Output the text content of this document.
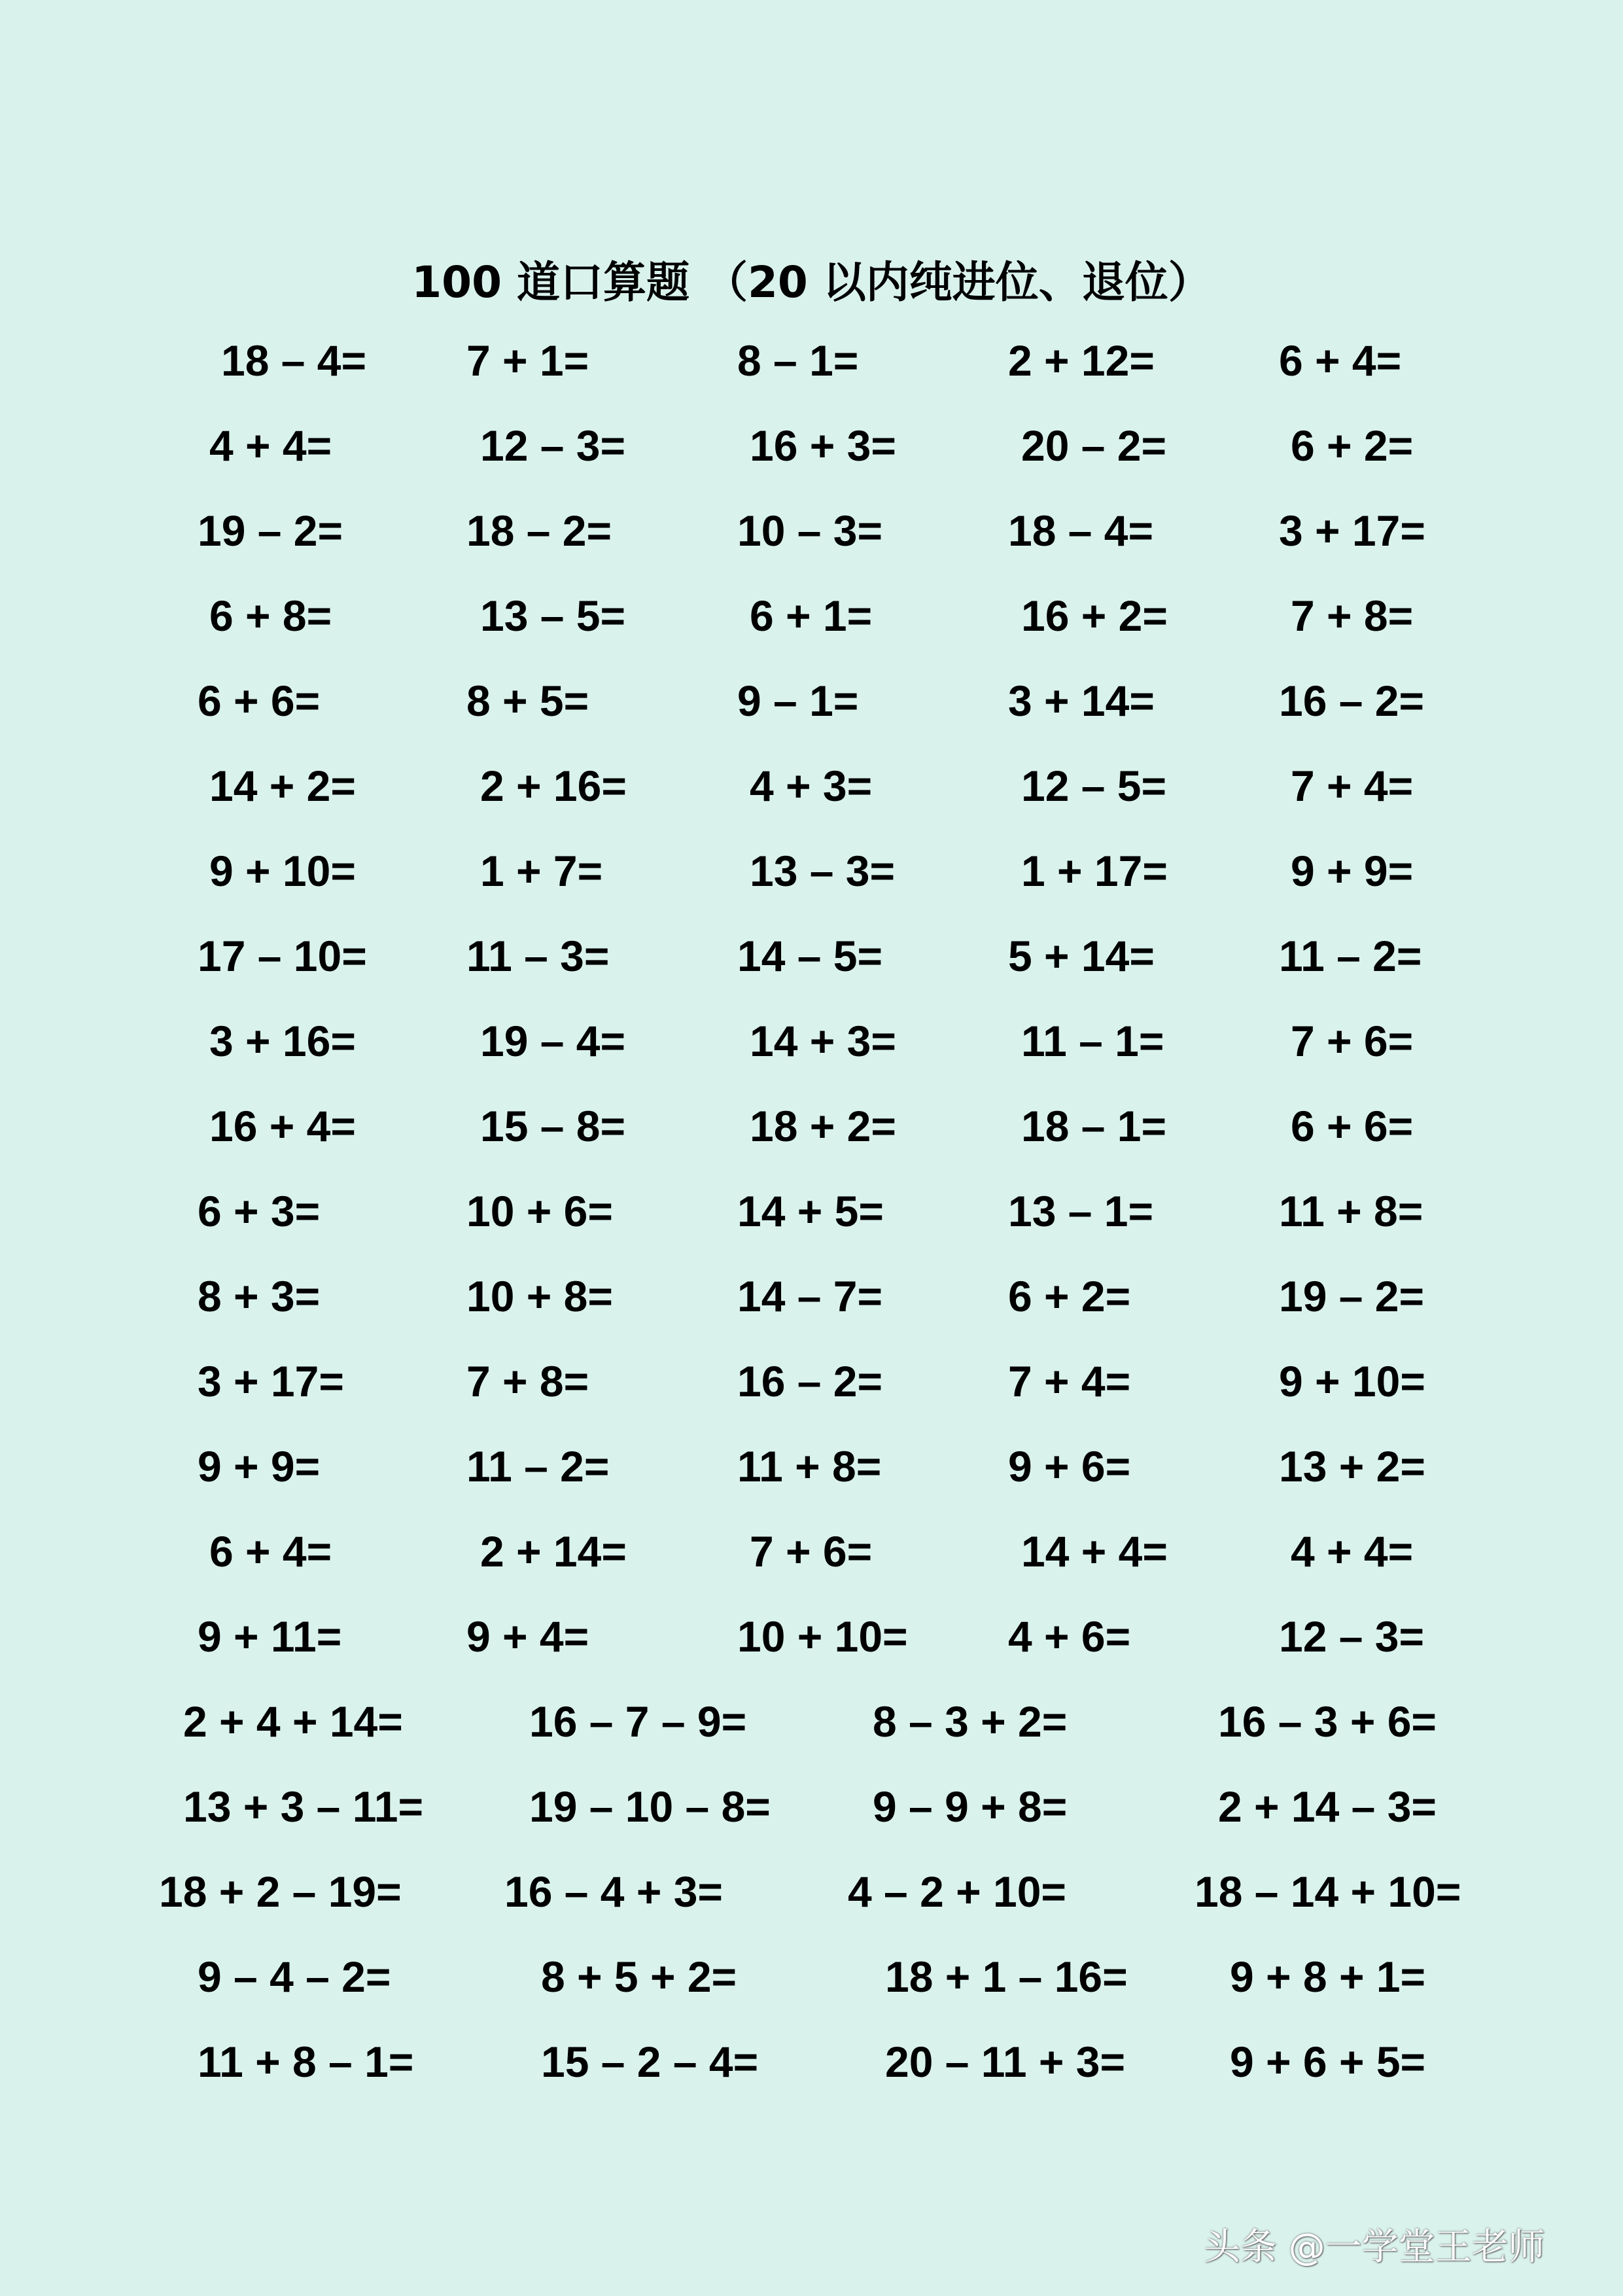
100 道口算题 （20 以内纯进位、退位）
18 – 4= 7 + 1=	8 – 1=	2 + 12=	6 + 4=
4 + 4=	12 – 3=	16 + 3=	20 – 2=	6 + 2=
19 – 2=	18 – 2=	10 – 3=	18 – 4=	3 + 17=
6 + 8=	13 – 5=	6 + 1=	16 + 2=	7 + 8=
6 + 6=	8 + 5=	9 – 1=	3 + 14=	16 – 2=
14 + 2=	2 + 16=	4 + 3=	12 – 5=	7 + 4=
9 + 10=	1 + 7=	13 – 3=	1 + 17=	9 + 9=
17 – 10= 11 – 3=	14 – 5=	5 + 14=	11 – 2=
3 + 16=	19 – 4=	14 + 3=	11 – 1=	7 + 6=
16 + 4=	15 – 8=	18 + 2=	18 – 1=	6 + 6=
6 + 3=	10 + 6=	14 + 5=	13 – 1=	11 + 8=
8 + 3=	10 + 8=	14 – 7=	6 + 2=	19 – 2=
3 + 17=	7 + 8=	16 – 2=	7 + 4=	9 + 10=
9 + 9=	11 – 2=	11 + 8=	9 + 6=	13 + 2=
6 + 4=	2 + 14=	7 + 6=	14 + 4=	4 + 4=
9 + 11=	9 + 4=	10 + 10= 4 + 6=	12 – 3=
2 + 4 + 14=	16 – 7 – 9=	8 – 3 + 2=	16 – 3 + 6=
13 + 3 – 11= 19 – 10 – 8= 9 – 9 + 8=	2 + 14 – 3=
18 + 2 – 19= 16 – 4 + 3=	4 – 2 + 10=	18 – 14 + 10=
9 – 4 – 2=	8 + 5 + 2=	18 + 1 – 16= 9 + 8 + 1=
11 + 8 – 1=	15 – 2 – 4=	20 – 11 + 3= 9 + 6 + 5=
头条 @一学堂王老师
